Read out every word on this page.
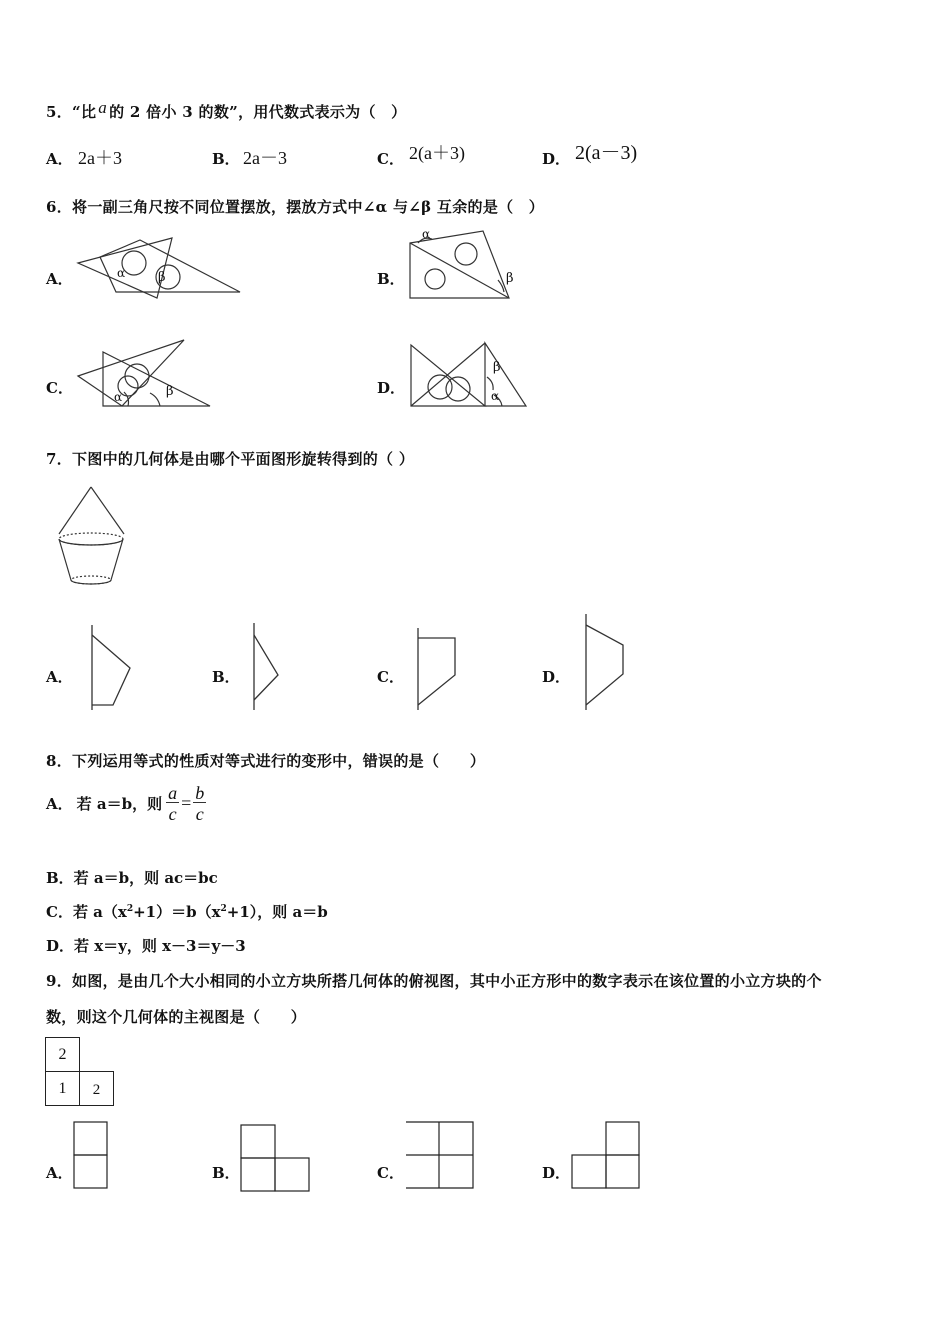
5．“比 a 的 2 倍小 3 的数”，用代数式表示为（　）
A． 2a＋3	B． 2a－3	C． 2(a＋3)	D． 2(a－3)
6．将一副三角尺按不同位置摆放，摆放方式中∠α 与∠β 互余的是（　）
A．	α	β	B．
α
β
C．	α	β	D．	α
β
7．下图中的几何体是由哪个平面图形旋转得到的（ ）
A．	B．	C．	D．
8．下列运用等式的性质对等式进行的变形中，错误的是（　　）
A． 若 a＝b，则 $\frac{a}{c} = \frac{b}{c}$
B．若 a＝b，则 ac＝bc
C．若 $a(x^2+1)=b(x^2+1)$，则 a＝b
D．若 x＝y，则 x－3＝y－3
9．如图，是由几个大小相同的小立方块所搭几何体的俯视图，其中小正方形中的数字表示在该位置的小立方块的个
数，则这个几何体的主视图是（　　）
2
1	2
A．	B．	C．	D．
